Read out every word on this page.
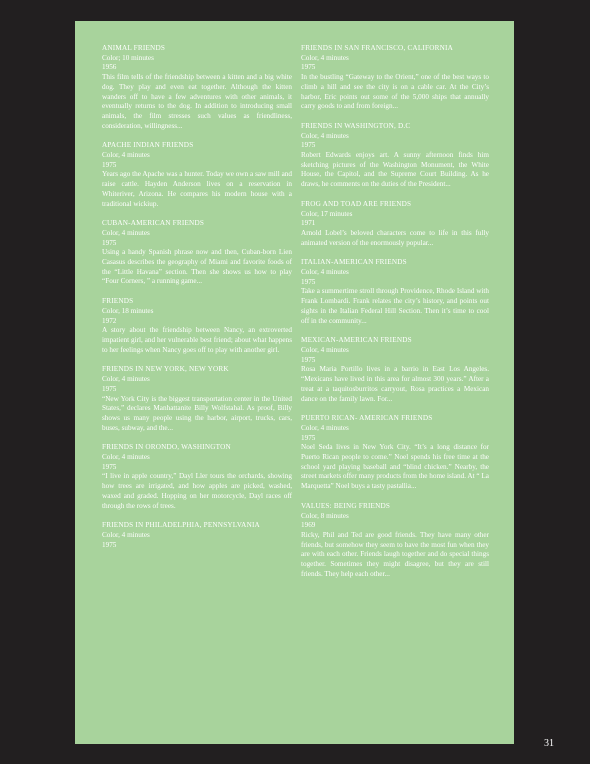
ANIMAL FRIENDS
Color; 10 minutes
1956
This film tells of the friendship between a kitten and a big white dog. They play and even eat together. Although the kitten wanders off to have a few adventures with other animals, it eventually returns to the dog. In addition to introducing small animals, the film stresses such values as friendliness, consideration, willingness...
APACHE INDIAN FRIENDS
Color, 4 minutes
1975
Years ago the Apache was a hunter. Today we own a saw mill and raise cattle. Hayden Anderson lives on a reservation in Whiteriver, Arizona. He compares his modern house with a traditional wickiup.
CUBAN-AMERICAN FRIENDS
Color, 4 minutes
1975
Using a handy Spanish phrase now and then, Cuban-born Lien Casasus describes the geography of Miami and favorite foods of the “Little Havana” section. Then she shows us how to play “Four Corners, ” a running game...
FRIENDS
Color, 18 minutes
1972
A story about the friendship between Nancy, an extroverted impatient girl, and her vulnerable best friend; about what happens to her feelings when Nancy goes off to play with another girl.
FRIENDS IN NEW YORK, NEW YORK
Color, 4 minutes
1975
“New York City is the biggest transportation center in the United States,” declares Manhattanite Billy Wolfstahal. As proof, Billy shows us many people using the harbor, airport, trucks, cars, buses, subway, and the...
FRIENDS IN ORONDO, WASHINGTON
Color, 4 minutes
1975
“I live in apple country,” Dayl Ller tours the orchards, showing how trees are irrigated, and how apples are picked, washed, waxed and graded. Hopping on her motorcycle, Dayl races off through the rows of trees.
FRIENDS IN PHILADELPHIA, PENNSYLVANIA
Color, 4 minutes
1975
FRIENDS IN SAN FRANCISCO, CALIFORNIA
Color, 4 minutes
1975
In the bustling “Gateway to the Orient,” one of the best ways to climb a hill and see the city is on a cable car. At the City’s harbor, Eric points out some of the 5,000 ships that annually carry goods to and from foreign...
FRIENDS IN WASHINGTON, D.C
Color, 4 minutes
1975
Robert Edwards enjoys art. A sunny afternoon finds him sketching pictures of the Washington Monument, the White House, the Capitol, and the Supreme Court Building. As he draws, he comments on the duties of the President...
FROG AND TOAD ARE FRIENDS
Color, 17 minutes
1971
Arnold Lobel’s beloved characters come to life in this fully animated version of the enormously popular...
ITALIAN-AMERICAN FRIENDS
Color, 4 minutes
1975
Take a summertime stroll through Providence, Rhode Island with Frank Lombardi. Frank relates the city’s history, and points out sights in the Italian Federal Hill Section. Then it’s time to cool off in the community...
MEXICAN-AMERICAN FRIENDS
Color, 4 minutes
1975
Rosa Maria Portillo lives in a barrio in East Los Angeles. “Mexicans have lived in this area for almost 300 years.” After a treat at a taquitosburritos carryout, Rosa practices a Mexican dance on the family lawn. For...
PUERTO RICAN- AMERICAN FRIENDS
Color, 4 minutes
1975
Noel Seda lives in New York City. “It’s a long distance for Puerto Rican people to come.” Noel spends his free time at the school yard playing baseball and “blind chicken.” Nearby, the street markets offer many products from the home island. At “ La Marquetta” Noel buys a tasty pastallia...
VALUES: BEING FRIENDS
Color, 8 minutes
1969
Ricky, Phil and Ted are good friends. They have many other friends, but somehow they seem to have the most fun when they are with each other. Friends laugh together and do special things together. Sometimes they might disagree, but they are still friends. They help each other...
31
